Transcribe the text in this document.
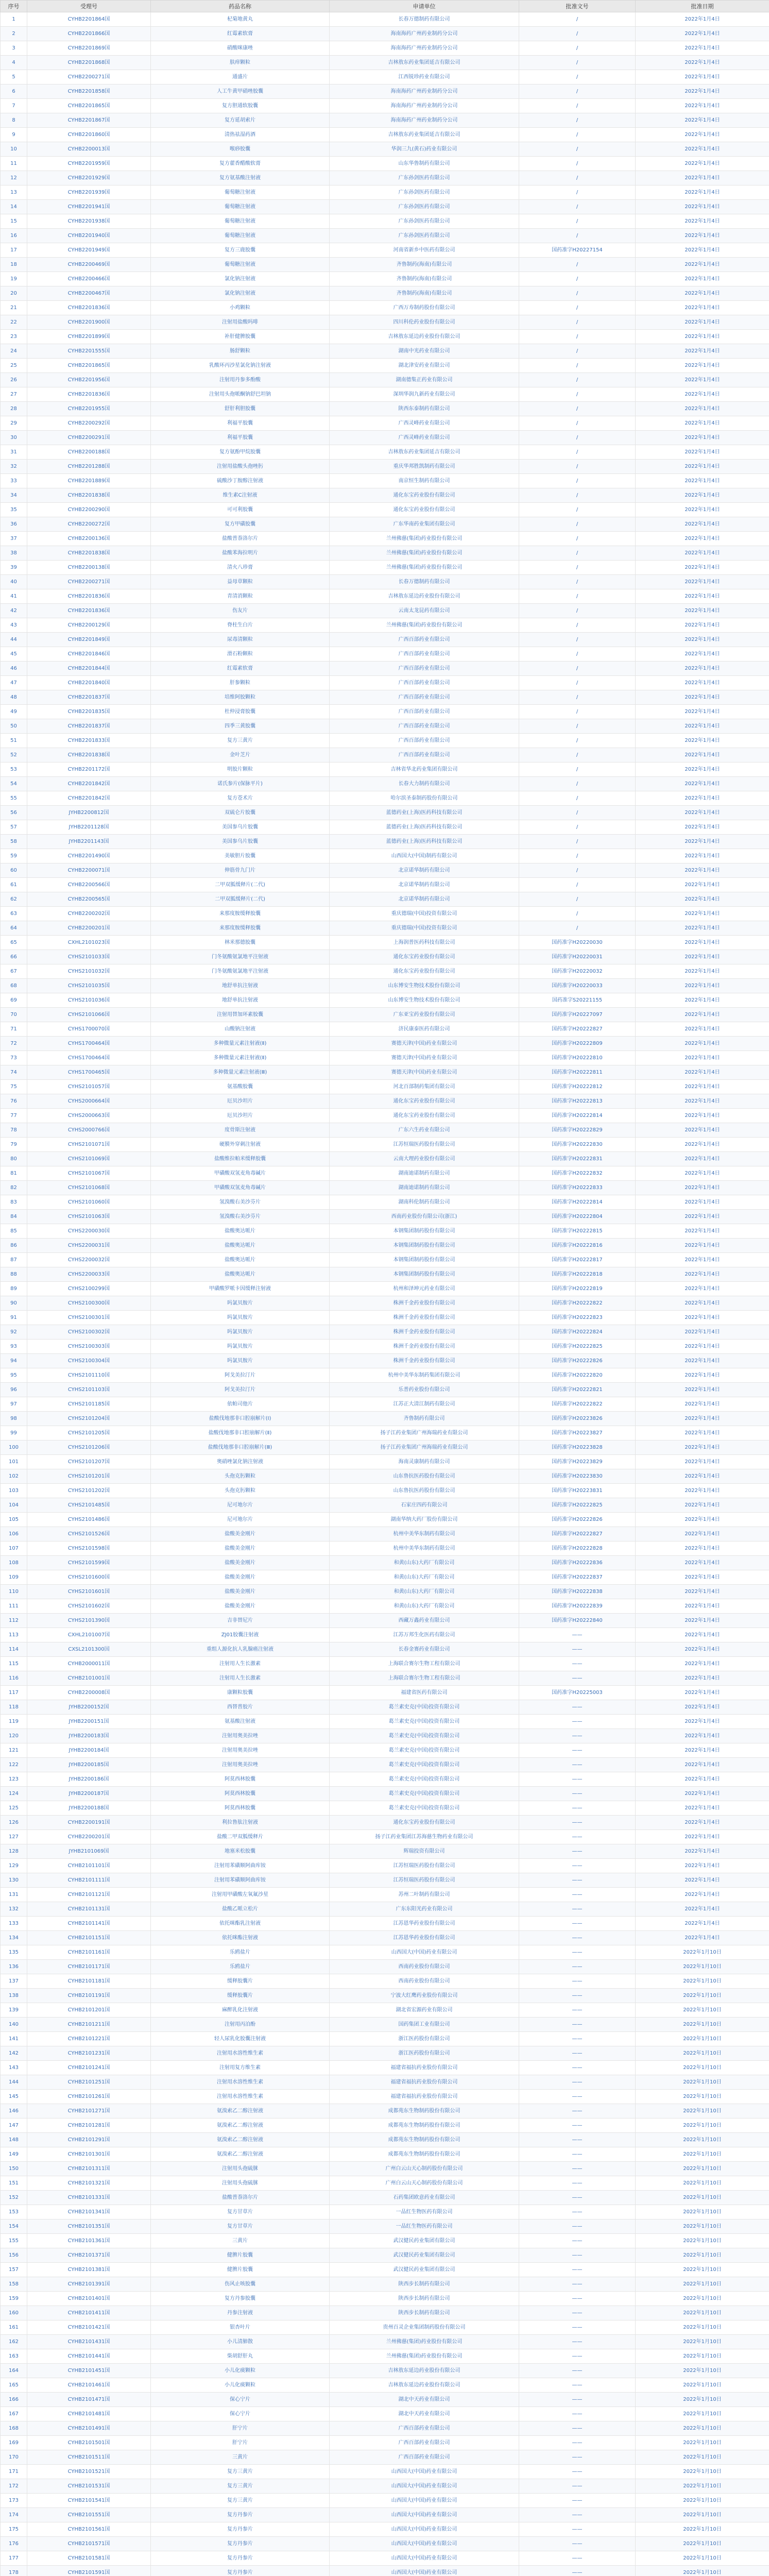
序号	受理号	药品名称	申请单位	批准文号	批准日期
1	CYHB2201864国	杞菊地黄丸	长春万德制药有限公司	/	2022年1月4日
2	CYHB2201866国	红霉素软膏	海南海药广州药业制药分公司	/	2022年1月4日
3	CYHB2201869国	硝酸咪康唑	海南海药广州药业制药分公司	/	2022年1月4日
4	CYHB2201868国	肤痒颗粒	吉林敖东药业集团延吉有限公司	/	2022年1月4日
5	CYHB2200271国	通盛片	江西锐珍药业有限公司	/	2022年1月4日
6	CYHB2201858国	人工牛黄甲硝唑胶囊	海南海药广州药业制药分公司	/	2022年1月4日
7	CYHB2201865国	复方胆通软胶囊	海南海药广州药业制药分公司	/	2022年1月4日
8	CYHB2201867国	复方延胡索片	海南海药广州药业制药分公司	/	2022年1月4日
9	CYHB2201860国	清热祛湿药酒	吉林敖东药业集团延吉有限公司	/	2022年1月4日
10	CYHB2200013国	喉痧胶囊	华润三九(黄石)药业有限公司	/	2022年1月4日
11	CYHB2201959国	复方藿香醋酸软膏	山东华鲁制药有限公司	/	2022年1月4日
12	CYHB2201929国	复方氨基酸注射液	广东孙剑医药有限公司	/	2022年1月4日
13	CYHB2201939国	葡萄糖注射液	广东孙剑医药有限公司	/	2022年1月4日
14	CYHB2201941国	葡萄糖注射液	广东孙剑医药有限公司	/	2022年1月4日
15	CYHB2201938国	葡萄糖注射液	广东孙剑医药有限公司	/	2022年1月4日
16	CYHB2201940国	葡萄糖注射液	广东孙剑医药有限公司	/	2022年1月4日
17	CYHB2201949国	复方三鹿胶囊	河南省新乡中医药有限公司	国药准字H20227154	2022年1月4日
18	CYHB2200469国	葡萄糖注射液	齐鲁制药(海南)有限公司	/	2022年1月4日
19	CYHB2200466国	氯化钠注射液	齐鲁制药(海南)有限公司	/	2022年1月4日
20	CYHB2200467国	氯化钠注射液	齐鲁制药(海南)有限公司	/	2022年1月4日
21	CYHB2201836国	小鸡颗粒	广西万寿制药股份有限公司	/	2022年1月4日
22	CYHB2201900国	注射用盐酸吗啡	四川科伦药业股份有限公司	/	2022年1月4日
23	CYHB2201899国	补肝健脾胶囊	吉林敖东延边药业股份有限公司	/	2022年1月4日
24	CYHB2201555国	肠舒颗粒	湖南中光药业有限公司	/	2022年1月4日
25	CYHB2201865国	乳酸环丙沙星氯化钠注射液	湖北津安药业有限公司	/	2022年1月4日
26	CYHB2201956国	注射用丹参多酚酸	湖南德集正药业有限公司	/	2022年1月4日
27	CYHB2201836国	注射用头孢哌酮钠舒巴坦钠	深圳华润九新药业有限公司	/	2022年1月4日
28	CYHB2201955国	舒肝利胆胶囊	陕西东泰制药有限公司	/	2022年1月4日
29	CYHB2200292国	利福平胶囊	广西灵峰药业有限公司	/	2022年1月4日
30	CYHB2200291国	利福平胶囊	广西灵峰药业有限公司	/	2022年1月4日
31	CYHB2200188国	复方氨酚甲烷胶囊	吉林敖东药业集团延吉有限公司	/	2022年1月4日
32	CYHB2201288国	注射用盐酸头孢唑肟	重庆华邦胜凯制药有限公司	/	2022年1月4日
33	CYHB2201889国	硫酸沙丁胺醇注射液	南京恒生制药有限公司	/	2022年1月4日
34	CYHB2201838国	维生素C注射液	通化东宝药业股份有限公司	/	2022年1月4日
35	CYHB2200290国	可可利胶囊	通化东宝药业股份有限公司	/	2022年1月4日
36	CYHB2200272国	复方甲磺胶囊	广东华南药业集团有限公司	/	2022年1月4日
37	CYHB2200136国	盐酸普萘洛尔片	兰州佛慈(集团)药业股份有限公司	/	2022年1月4日
38	CYHB2201838国	盐酸苯海拉明片	兰州佛慈(集团)药业股份有限公司	/	2022年1月4日
39	CYHB2200138国	清火八珍膏	兰州佛慈(集团)药业股份有限公司	/	2022年1月4日
40	CYHB2200271国	益母草颗粒	长春万德制药有限公司	/	2022年1月4日
41	CYHB2201836国	青清消颗粒	吉林敖东延边药业股份有限公司	/	2022年1月4日
42	CYHB2201836国	伤友片	云南太龙昆药有限公司	/	2022年1月4日
43	CYHB2200129国	脊柱生白片	兰州佛慈(集团)药业股份有限公司	/	2022年1月4日
44	CYHB2201849国	尿毒清颗粒	广西百部药业有限公司	/	2022年1月4日
45	CYHB2201846国	滑石粉颗粒	广西百部药业有限公司	/	2022年1月4日
46	CYHB2201844国	红霉素软膏	广西百部药业有限公司	/	2022年1月4日
47	CYHB2201840国	肝参颗粒	广西百部药业有限公司	/	2022年1月4日
48	CYHB2201837国	培维阿胶颗粒	广西百部药业有限公司	/	2022年1月4日
49	CYHB2201835国	杜仲浸膏胶囊	广西百部药业有限公司	/	2022年1月4日
50	CYHB2201837国	四季三黄胶囊	广西百部药业有限公司	/	2022年1月4日
51	CYHB2201833国	复方三黄片	广西百部药业有限公司	/	2022年1月4日
52	CYHB2201838国	金叶芝片	广西百部药业有限公司	/	2022年1月4日
53	CYHB2201172国	明胶片颗粒	吉林省华北药业集团有限公司	/	2022年1月4日
54	CYHB2201842国	诺氏参片(保脉平片)	长春大力制药有限公司	/	2022年1月4日
55	CYHB2201842国	复方苍术片	哈尔滨圣泰制药股份有限公司	/	2022年1月4日
56	JYHB2200812国	双硫仑片胶囊	蓝德药业(上海)医药科技有限公司	/	2022年1月4日
57	JYHB2201128国	美国参乌片胶囊	蓝德药业(上海)医药科技有限公司	/	2022年1月4日
58	JYHB2201143国	美国参乌片胶囊	蓝德药业(上海)医药科技有限公司	/	2022年1月4日
59	CYHB2201490国	美敏胆片胶囊	山西国大(中国)制药有限公司	/	2022年1月4日
60	CYHB2200071国	伸筋骨九门片	北京诺华制药有限公司	/	2022年1月4日
61	CYHB2200566国	二甲双胍缓释片(二代)	北京诺华制药有限公司	/	2022年1月4日
62	CYHB2200565国	二甲双胍缓释片(二代)	北京诺华制药有限公司	/	2022年1月4日
63	CYHB2200202国	来那度胺缓释胶囊	重庆德瑞(中国)投资有限公司	/	2022年1月4日
64	CYHB2200201国	来那度胺缓释胶囊	重庆德瑞(中国)投资有限公司	/	2022年1月4日
65	CXHL2101023国	林米那德胶囊	上海润普医药科技有限公司	国药准字H20220030	2022年1月4日
66	CYHS2101033国	门冬氨酸氨氯地平注射液	通化东宝药业股份有限公司	国药准字H20220031	2022年1月4日
67	CYHS2101032国	门冬氨酸氨氯地平注射液	通化东宝药业股份有限公司	国药准字H20220032	2022年1月4日
68	CYHS2101035国	地舒单抗注射液	山东博安生物技术股份有限公司	国药准字H20220033	2022年1月4日
69	CYHS2101036国	地舒单抗注射液	山东博安生物技术股份有限公司	国药准字S20221155	2022年1月4日
70	CYHS2101066国	注射用替加环素胶囊	广东亚宝药业股份有限公司	国药准字H20227097	2022年1月4日
71	CYHS1700070国	山酸钠注射液	济民康泰医药有限公司	国药准字H20222827	2022年1月4日
72	CYHS1700464国	多种微量元素注射液(Ⅱ)	赛德天津(中国)药业有限公司	国药准字H20222809	2022年1月4日
73	CYHS1700464国	多种微量元素注射液(Ⅱ)	赛德天津(中国)药业有限公司	国药准字H20222810	2022年1月4日
74	CYHS1700465国	多种微量元素注射液(Ⅲ)	赛德天津(中国)药业有限公司	国药准字H20222811	2022年1月4日
75	CYHS2101057国	氨基酸胶囊	河北百部制药集团有限公司	国药准字H20222812	2022年1月4日
76	CYHS2000664国	厄贝沙坦片	通化东宝药业股份有限公司	国药准字H20222813	2022年1月4日
77	CYHS2000663国	厄贝沙坦片	通化东宝药业股份有限公司	国药准字H20222814	2022年1月4日
78	CYHS2000766国	度骨斯注射液	广东六生药业有限公司	国药准字H20222829	2022年1月4日
79	CYHS2101071国	硬膜外穿刺注射液	江苏恒瑞医药股份有限公司	国药准字H20222830	2022年1月4日
80	CYHS2101069国	盐酸维拉帕米缓释胶囊	云南大理药业股份有限公司	国药准字H20222831	2022年1月4日
81	CYHS2101067国	甲磺酸双氢麦角毒碱片	湖南迪诺制药有限公司	国药准字H20222832	2022年1月4日
82	CYHS2101068国	甲磺酸双氢麦角毒碱片	湖南迪诺制药有限公司	国药准字H20222833	2022年1月4日
83	CYHS2101060国	氢溴酸右美沙芬片	湖南科伦制药有限公司	国药准字H20222814	2022年1月4日
84	CYHS2101063国	氢溴酸右美沙芬片	西南药业股份有限公司(浙江)	国药准字H20222804	2022年1月4日
85	CYHS2200030国	盐酸奥达哌片	本钢集团制药股份有限公司	国药准字H20222815	2022年1月4日
86	CYHS2200031国	盐酸奥达哌片	本钢集团制药股份有限公司	国药准字H20222816	2022年1月4日
87	CYHS2200032国	盐酸奥达哌片	本钢集团制药股份有限公司	国药准字H20222817	2022年1月4日
88	CYHS2200033国	盐酸奥达哌片	本钢集团制药股份有限公司	国药准字H20222818	2022年1月4日
89	CYHS2100299国	甲磺酸罗哌卡因缓释注射液	杭州和泽坤元药业有限公司	国药准字H20222819	2022年1月4日
90	CYHS2100300国	吗氯贝胺片	株洲千金药业股份有限公司	国药准字H20222822	2022年1月4日
91	CYHS2100301国	吗氯贝胺片	株洲千金药业股份有限公司	国药准字H20222823	2022年1月4日
92	CYHS2100302国	吗氯贝胺片	株洲千金药业股份有限公司	国药准字H20222824	2022年1月4日
93	CYHS2100303国	吗氯贝胺片	株洲千金药业股份有限公司	国药准字H20222825	2022年1月4日
94	CYHS2100304国	吗氯贝胺片	株洲千金药业股份有限公司	国药准字H20222826	2022年1月4日
95	CYHS2101110国	阿戈美拉汀片	杭州中美华东制药集团有限公司	国药准字H20222820	2022年1月4日
96	CYHS2101103国	阿戈美拉汀片	乐普药业股份有限公司	国药准字H20222821	2022年1月4日
97	CYHS2101185国	依帕司他片	江苏正大清江制药有限公司	国药准字H20222822	2022年1月4日
98	CYHS2101204国	盐酸伐地那非口腔崩解片(Ⅰ)	齐鲁制药有限公司	国药准字H20223826	2022年1月4日
99	CYHS2101205国	盐酸伐地那非口腔崩解片(Ⅱ)	扬子江药业集团广州海瑞药业有限公司	国药准字H20223827	2022年1月4日
100	CYHS2101206国	盐酸伐地那非口腔崩解片(Ⅲ)	扬子江药业集团广州海瑞药业有限公司	国药准字H20223828	2022年1月4日
101	CYHS2101207国	奥硝唑氯化钠注射液	海南灵康制药有限公司	国药准字H20223829	2022年1月4日
102	CYHS2101201国	头孢克肟颗粒	山东鲁抗医药股份有限公司	国药准字H20223830	2022年1月4日
103	CYHS2101202国	头孢克肟颗粒	山东鲁抗医药股份有限公司	国药准字H20223831	2022年1月4日
104	CYHS2101485国	尼可地尔片	石家庄四药有限公司	国药准字H20222825	2022年1月4日
105	CYHS2101486国	尼可地尔片	湖南华纳大药厂股份有限公司	国药准字H20222826	2022年1月4日
106	CYHS2101526国	盐酸美金刚片	杭州中美华东制药有限公司	国药准字H20222827	2022年1月4日
107	CYHS2101598国	盐酸美金刚片	杭州中美华东制药有限公司	国药准字H20222828	2022年1月4日
108	CYHS2101599国	盐酸美金刚片	和黄(山东)大药厂有限公司	国药准字H20222836	2022年1月4日
109	CYHS2101600国	盐酸美金刚片	和黄(山东)大药厂有限公司	国药准字H20222837	2022年1月4日
110	CYHS2101601国	盐酸美金刚片	和黄(山东)大药厂有限公司	国药准字H20222838	2022年1月4日
111	CYHS2101602国	盐酸美金刚片	和黄(山东)大药厂有限公司	国药准字H20222839	2022年1月4日
112	CYHS2101390国	吉非替尼片	西藏万鑫药业有限公司	国药准字H20222840	2022年1月4日
113	CXHL2101007国	ZJ01胶囊注射液	江苏万邦生化医药有限公司	——	2022年1月4日
114	CXSL2101300国	重组人源化抗人乳腺癌注射液	长春金赛药业有限公司	——	2022年1月4日
115	CYHB2000011国	注射用人生长激素	上海联合赛尔生物工程有限公司	——	2022年1月4日
116	CYHB2101001国	注射用人生长激素	上海联合赛尔生物工程有限公司	——	2022年1月4日
117	CYHB2200008国	康颗粒胶囊	福建省医药有限公司	国药准字H20225003	2022年1月4日
118	JYHB2200152国	西替普胶片	葛兰素史克(中国)投资有限公司	——	2022年1月4日
119	JYHB2200151国	氨基酸注射液	葛兰素史克(中国)投资有限公司	——	2022年1月4日
120	JYHB2200183国	注射用奥美拉唑	葛兰素史克(中国)投资有限公司	——	2022年1月4日
121	JYHB2200184国	注射用奥美拉唑	葛兰素史克(中国)投资有限公司	——	2022年1月4日
122	JYHB2200185国	注射用奥美拉唑	葛兰素史克(中国)投资有限公司	——	2022年1月4日
123	JYHB2200186国	阿莫西林胶囊	葛兰素史克(中国)投资有限公司	——	2022年1月4日
124	JYHB2200187国	阿莫西林胶囊	葛兰素史克(中国)投资有限公司	——	2022年1月4日
125	JYHB2200188国	阿莫西林胶囊	葛兰素史克(中国)投资有限公司	——	2022年1月4日
126	CYHB2200191国	利拉鲁肽注射液	通化东宝药业股份有限公司	——	2022年1月4日
127	CYHB2200201国	盐酸二甲双胍缓释片	扬子江药业集团江苏海慈生物药业有限公司	——	2022年1月4日
128	JYHB2101069国	地塞米松胶囊	辉瑞投资有限公司	——	2022年1月4日
129	CYHB2101101国	注射用苯磺顺阿曲库铵	江苏恒瑞医药股份有限公司	——	2022年1月4日
130	CYHB2101111国	注射用苯磺顺阿曲库铵	江苏恒瑞医药股份有限公司	——	2022年1月4日
131	CYHB2101121国	注射用甲磺酸左氧氟沙星	苏州二叶制药有限公司	——	2022年1月4日
132	CYHB2101131国	盐酸乙哌立松片	广东东阳光药业有限公司	——	2022年1月4日
133	CYHB2101141国	依托咪酯乳注射液	江苏恩华药业股份有限公司	——	2022年1月4日
134	CYHB2101151国	依托咪酯注射液	江苏恩华药业股份有限公司	——	2022年1月4日
135	CYHB2101161国	乐鸥盐片	山西国大(中国)药业有限公司	——	2022年1月10日
136	CYHB2101171国	乐鸥盐片	西南药业股份有限公司	——	2022年1月10日
137	CYHB2101181国	缓释胶囊片	西南药业股份有限公司	——	2022年1月10日
138	CYHB2101191国	缓释胶囊片	宁波大红鹰药业股份有限公司	——	2022年1月10日
139	CYHB2101201国	麻醉乳化注射液	湖北省宏源药业有限公司	——	2022年1月10日
140	CYHB2101211国	注射用丙泊酚	国药集团工业有限公司	——	2022年1月10日
141	CYHB2101221国	轻人尿乳化胶囊注射液	浙江医药股份有限公司	——	2022年1月10日
142	CYHB2101231国	注射用水溶性维生素	浙江医药股份有限公司	——	2022年1月10日
143	CYHB2101241国	注射用复方维生素	福建省福抗药业股份有限公司	——	2022年1月10日
144	CYHB2101251国	注射用水溶性维生素	福建省福抗药业股份有限公司	——	2022年1月10日
145	CYHB2101261国	注射用水溶性维生素	福建省福抗药业股份有限公司	——	2022年1月10日
146	CYHB2101271国	氨溴索乙二醇注射液	成都苑东生物制药股份有限公司	——	2022年1月10日
147	CYHB2101281国	氨溴索乙二醇注射液	成都苑东生物制药股份有限公司	——	2022年1月10日
148	CYHB2101291国	氨溴索乙二醇注射液	成都苑东生物制药股份有限公司	——	2022年1月10日
149	CYHB2101301国	氨溴索乙二醇注射液	成都苑东生物制药股份有限公司	——	2022年1月10日
150	CYHB2101311国	注射用头孢硫脒	广州白云山天心制药股份有限公司	——	2022年1月10日
151	CYHB2101321国	注射用头孢硫脒	广州白云山天心制药股份有限公司	——	2022年1月10日
152	CYHB2101331国	盐酸普萘洛尔片	石药集团欧意药业有限公司	——	2022年1月10日
153	CYHB2101341国	复方甘草片	一品红生物医药有限公司	——	2022年1月10日
154	CYHB2101351国	复方甘草片	一品红生物医药有限公司	——	2022年1月10日
155	CYHB2101361国	三黄片	武汉健民药业集团有限公司	——	2022年1月10日
156	CYHB2101371国	健脾片胶囊	武汉健民药业集团有限公司	——	2022年1月10日
157	CYHB2101381国	健脾片胶囊	武汉健民药业集团有限公司	——	2022年1月10日
158	CYHB2101391国	伤风止咳胶囊	陕西步长制药有限公司	——	2022年1月10日
159	CYHB2101401国	复方丹参胶囊	陕西步长制药有限公司	——	2022年1月10日
160	CYHB2101411国	丹参注射液	陕西步长制药有限公司	——	2022年1月10日
161	CYHB2101421国	银杏叶片	贵州百灵企业集团制药股份有限公司	——	2022年1月10日
162	CYHB2101431国	小儿清肺散	兰州佛慈(集团)药业股份有限公司	——	2022年1月10日
163	CYHB2101441国	柴胡舒肝丸	兰州佛慈(集团)药业股份有限公司	——	2022年1月10日
164	CYHB2101451国	小儿化痰颗粒	吉林敖东延边药业股份有限公司	——	2022年1月10日
165	CYHB2101461国	小儿化痰颗粒	吉林敖东延边药业股份有限公司	——	2022年1月10日
166	CYHB2101471国	保心宁片	湖北中天药业有限公司	——	2022年1月10日
167	CYHB2101481国	保心宁片	湖北中天药业有限公司	——	2022年1月10日
168	CYHB2101491国	肝宁片	广西百部药业有限公司	——	2022年1月10日
169	CYHB2101501国	肝宁片	广西百部药业有限公司	——	2022年1月10日
170	CYHB2101511国	三黄片	广西百部药业有限公司	——	2022年1月10日
171	CYHB2101521国	复方三黄片	山西国大(中国)药业有限公司	——	2022年1月10日
172	CYHB2101531国	复方三黄片	山西国大(中国)药业有限公司	——	2022年1月10日
173	CYHB2101541国	复方三黄片	山西国大(中国)药业有限公司	——	2022年1月10日
174	CYHB2101551国	复方丹参片	山西国大(中国)药业有限公司	——	2022年1月10日
175	CYHB2101561国	复方丹参片	山西国大(中国)药业有限公司	——	2022年1月10日
176	CYHB2101571国	复方丹参片	山西国大(中国)药业有限公司	——	2022年1月10日
177	CYHB2101581国	复方丹参片	山西国大(中国)药业有限公司	——	2022年1月10日
178	CYHB2101591国	复方丹参片	山西国大(中国)药业有限公司	——	2022年1月10日
